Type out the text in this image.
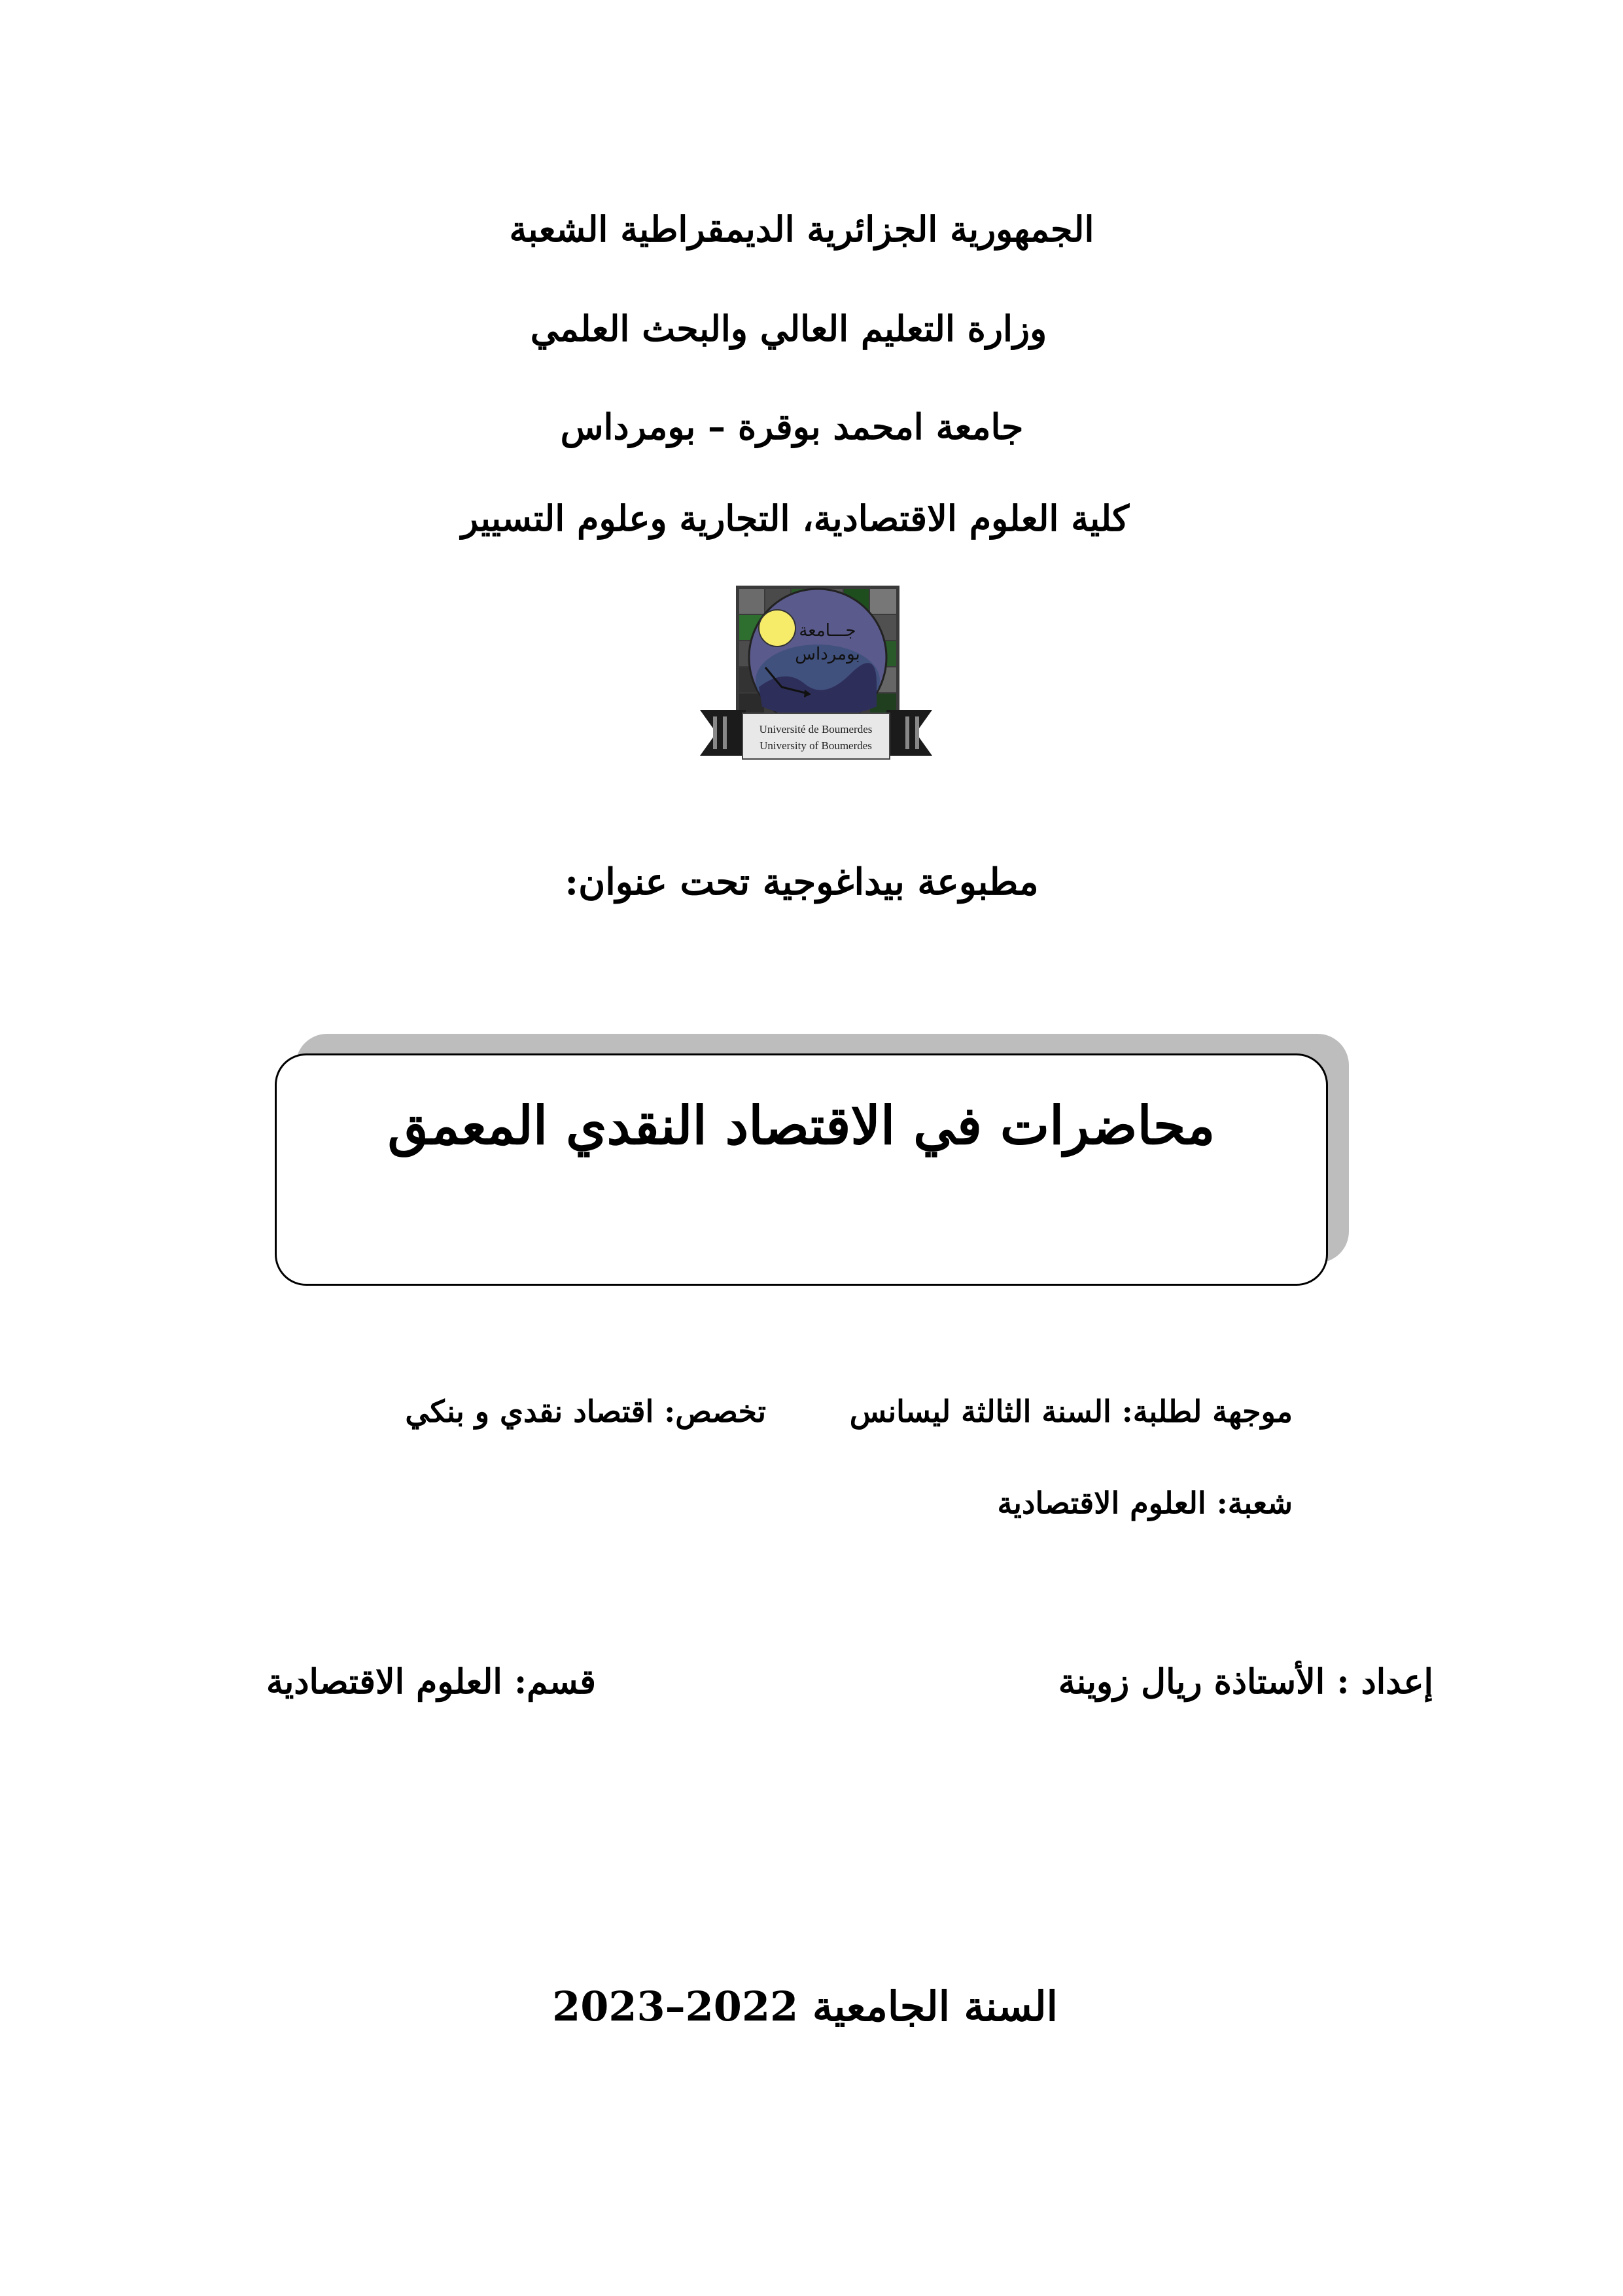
الجمهورية الجزائرية الديمقراطية الشعبة
وزارة التعليم العالي والبحث العلمي
جامعة امحمد بوقرة – بومرداس
كلية العلوم الاقتصادية، التجارية وعلوم التسيير
جـــامعة
بومرداس
Université de Boumerdes
University of Boumerdes
مطبوعة بيداغوجية تحت عنوان:
محاضرات في الاقتصاد النقدي المعمق
موجهة لطلبة: السنة الثالثة ليسانس
تخصص: اقتصاد نقدي و بنكي
شعبة: العلوم الاقتصادية
إعداد : الأستاذة ريال زوينة
قسم: العلوم الاقتصادية
السنة الجامعية 2022–2023
